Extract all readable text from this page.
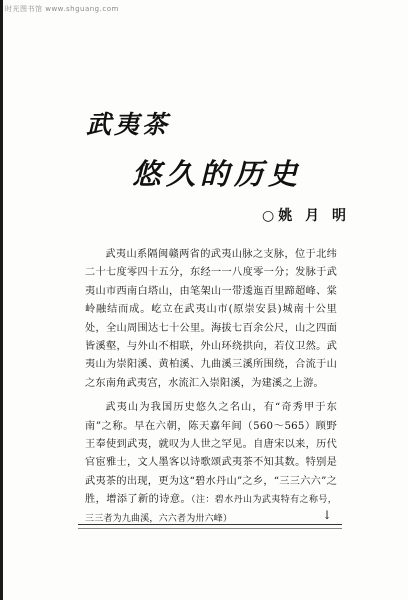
时光图书馆 www.shguang.com
武夷茶
悠久的历史
○姚 月 明

武夷山系隔闽赣两省的武夷山脉之支脉，位于北纬二十七度零四十五分，东经一一八度零一分；发脉于武夷山市西南白塔山，由笔架山一带逶迤百里蹄超峰、棠岭融结而成。屹立在武夷山市(原崇安县)城南十公里处，全山周围达七十公里。海拔七百余公尺，山之四面皆溪壑，与外山不相联，外山环绕拱向，若仪卫然。武夷山为崇阳溪、黄柏溪、九曲溪三溪所围绕，合流于山之东南角武夷宫，水流汇入崇阳溪，为建溪之上游。

武夷山为我国历史悠久之名山，有“奇秀甲于东南”之称。早在六朝，陈天嘉年间（560～565）顾野王奉使到武夷，就叹为人世之罕见。自唐宋以来，历代官宦雅士，文人墨客以诗歌颂武夷茶不知其数。特别是武夷茶的出现，更为这“碧水丹山”之乡，“三三六六”之胜，增添了新的诗意。（注：碧水丹山为武夷特有之称号，三三者为九曲溪，六六者为卅六峰）	↓
